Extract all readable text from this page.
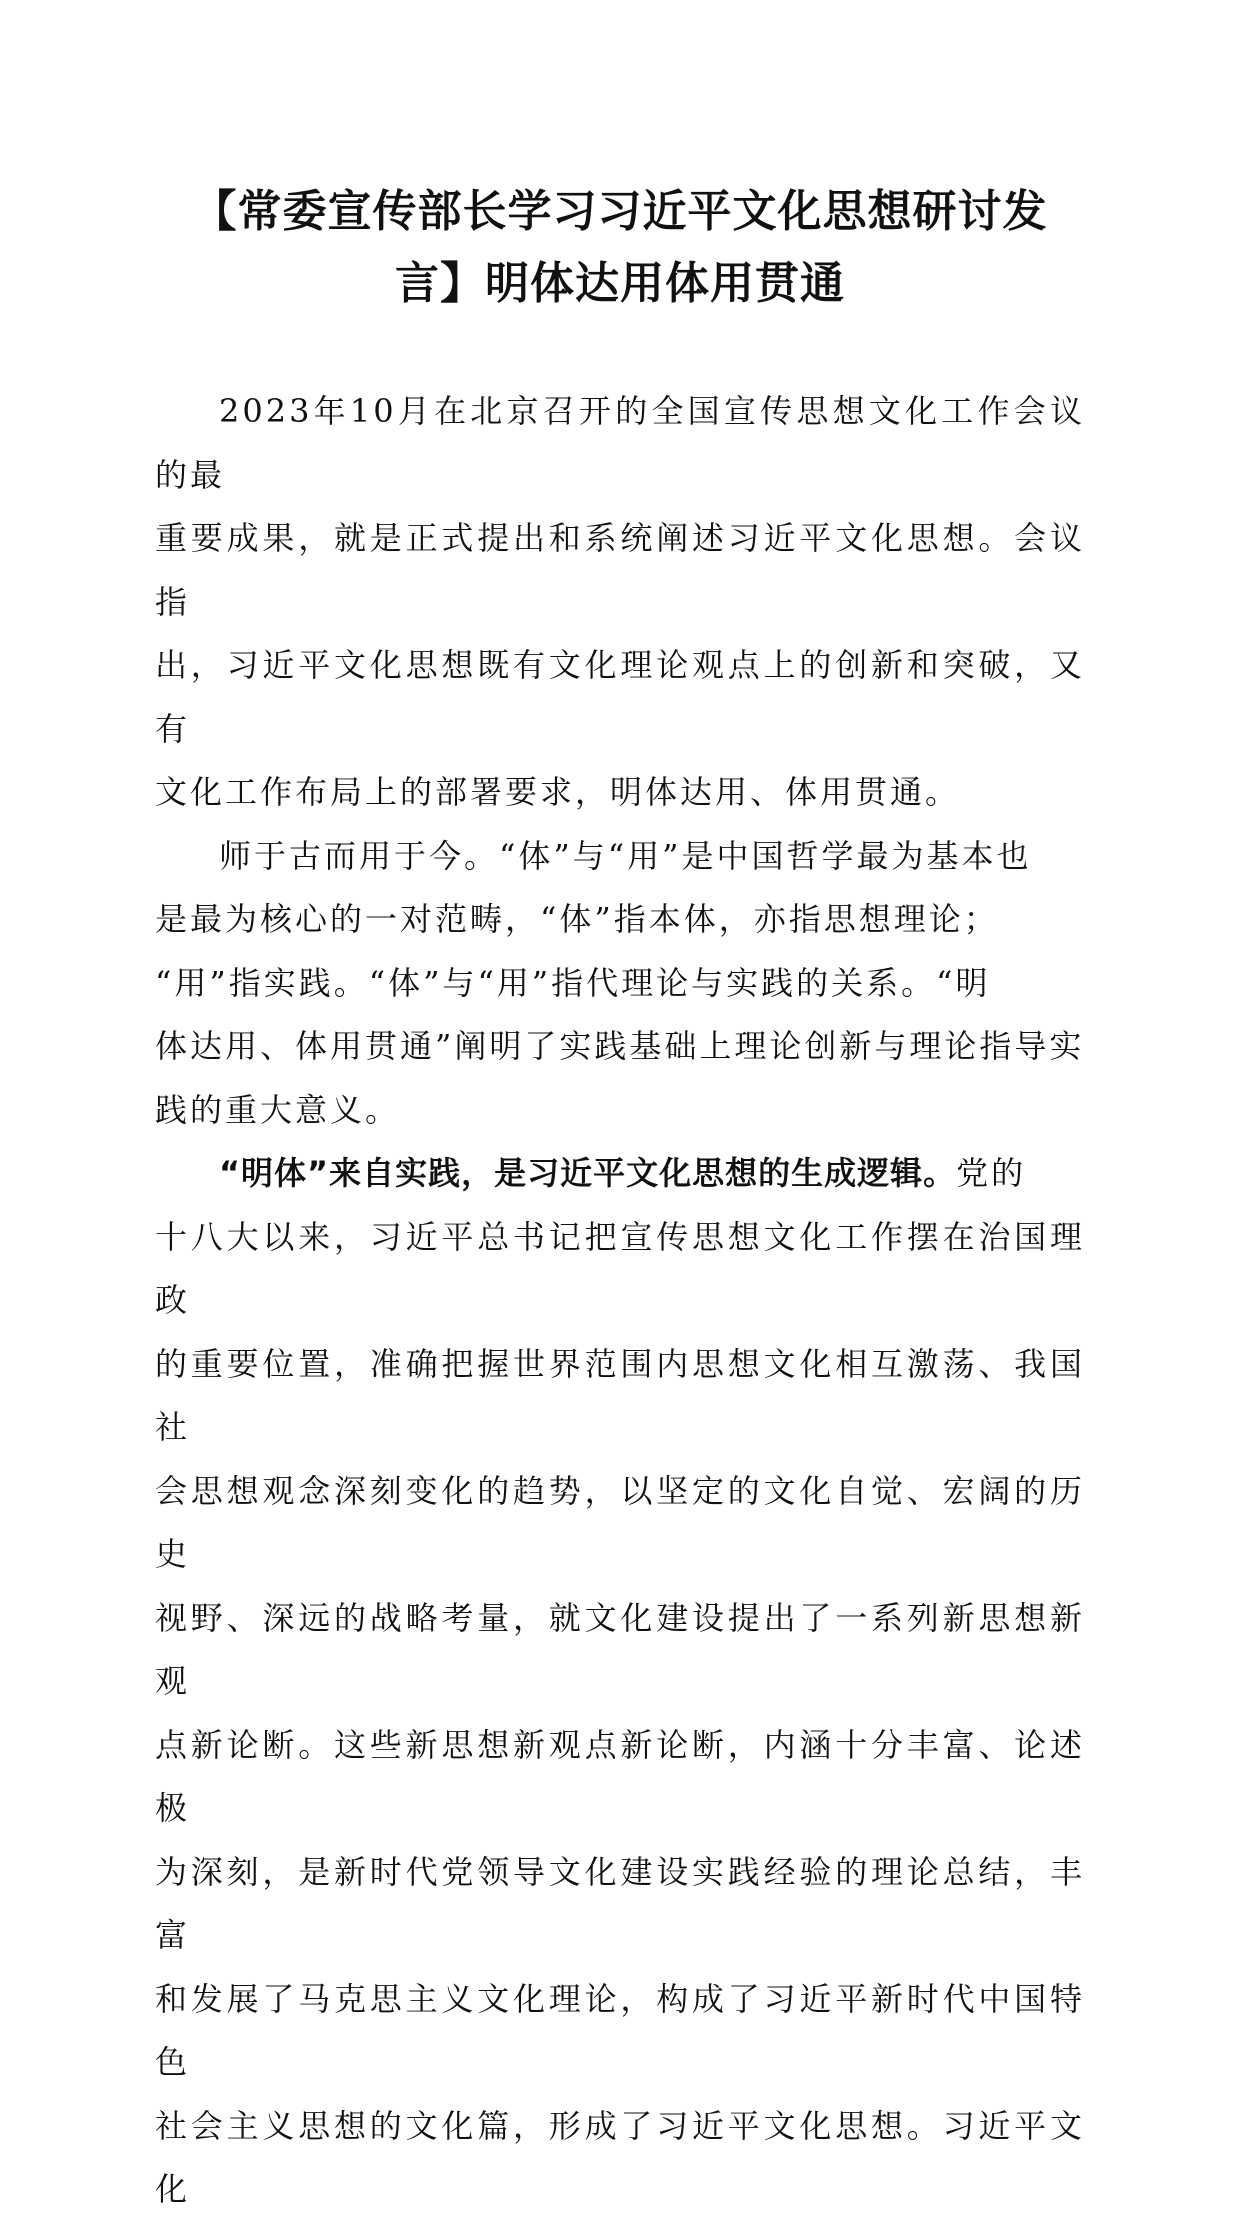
【常委宣传部长学习习近平文化思想研讨发
言】明体达用体用贯通

2023年10月在北京召开的全国宣传思想文化工作会议的最
重要成果，就是正式提出和系统阐述习近平文化思想。会议指
出，习近平文化思想既有文化理论观点上的创新和突破，又有
文化工作布局上的部署要求，明体达用、体用贯通。

师于古而用于今。“体”与“用”是中国哲学最为基本也
是最为核心的一对范畴，“体”指本体，亦指思想理论；
“用”指实践。“体”与“用”指代理论与实践的关系。“明
体达用、体用贯通”阐明了实践基础上理论创新与理论指导实
践的重大意义。

“明体”来自实践，是习近平文化思想的生成逻辑。党的
十八大以来，习近平总书记把宣传思想文化工作摆在治国理政
的重要位置，准确把握世界范围内思想文化相互激荡、我国社
会思想观念深刻变化的趋势，以坚定的文化自觉、宏阔的历史
视野、深远的战略考量，就文化建设提出了一系列新思想新观
点新论断。这些新思想新观点新论断，内涵十分丰富、论述极
为深刻，是新时代党领导文化建设实践经验的理论总结，丰富
和发展了马克思主义文化理论，构成了习近平新时代中国特色
社会主义思想的文化篇，形成了习近平文化思想。习近平文化
